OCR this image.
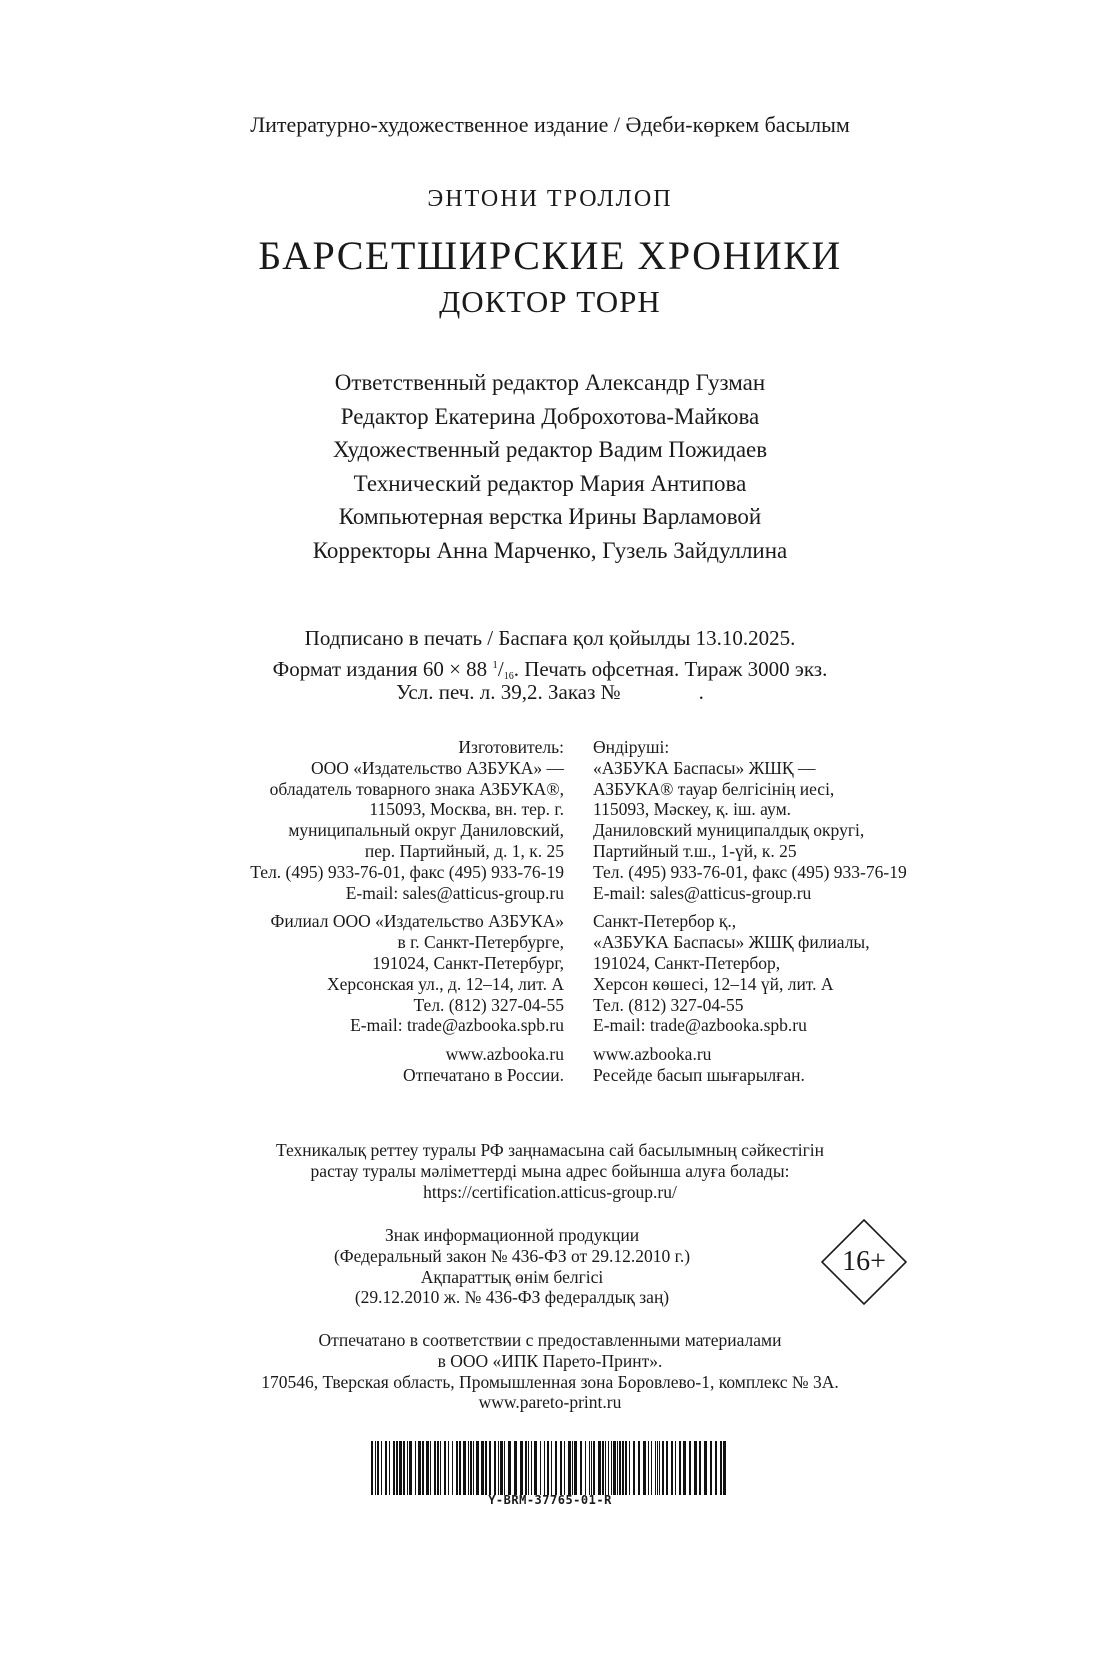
Литературно-художественное издание / Әдеби-көркем басылым
ЭНТОНИ ТРОЛЛОП
БАРСЕТШИРСКИЕ ХРОНИКИ
ДОКТОР ТОРН
Ответственный редактор Александр Гузман
Редактор Екатерина Доброхотова-Майкова
Художественный редактор Вадим Пожидаев
Технический редактор Мария Антипова
Компьютерная верстка Ирины Варламовой
Корректоры Анна Марченко, Гузель Зайдуллина
Подписано в печать / Баспаға қол қойылды 13.10.2025.
Формат издания 60 × 88 $^1/_{16}$. Печать офсетная. Тираж 3000 экз.
Усл. печ. л. 39,2. Заказ №	.
Изготовитель:
ООО «Издательство АЗБУКА» —
обладатель товарного знака АЗБУКА®,
115093, Москва, вн. тер. г.
муниципальный округ Даниловский,
пер. Партийный, д. 1, к. 25
Тел. (495) 933-76-01, факс (495) 933-76-19
E-mail: sales@atticus-group.ru
Филиал ООО «Издательство АЗБУКА»
в г. Санкт-Петербурге,
191024, Санкт-Петербург,
Херсонская ул., д. 12–14, лит. А
Тел. (812) 327-04-55
E-mail: trade@azbooka.spb.ru
www.azbooka.ru
Отпечатано в России.
Өндіруші:
«АЗБУКА Баспасы» ЖШҚ —
АЗБУКА® тауар белгісінің иесі,
115093, Мәскеу, қ. іш. аум.
Даниловский муниципалдық округі,
Партийный т.ш., 1-үй, к. 25
Тел. (495) 933-76-01, факс (495) 933-76-19
E-mail: sales@atticus-group.ru
Санкт-Петербор қ.,
«АЗБУКА Баспасы» ЖШҚ филиалы,
191024, Санкт-Петербор,
Херсон көшесі, 12–14 үй, лит. А
Тел. (812) 327-04-55
E-mail: trade@azbooka.spb.ru
www.azbooka.ru
Ресейде басып шығарылған.
Техникалық реттеу туралы РФ заңнамасына сай басылымның сәйкестігін
растау туралы мәліметтерді мына адрес бойынша алуға болады:
https://certification.atticus-group.ru/
Знак информационной продукции
(Федеральный закон № 436-ФЗ от 29.12.2010 г.)
Ақпараттық өнім белгісі
(29.12.2010 ж. № 436-ФЗ федералдық заң)
16+
Отпечатано в соответствии с предоставленными материалами
в ООО «ИПК Парето-Принт».
170546, Тверская область, Промышленная зона Боровлево-1, комплекс № 3А.
www.pareto-print.ru
Y-BRM-37765-01-R
